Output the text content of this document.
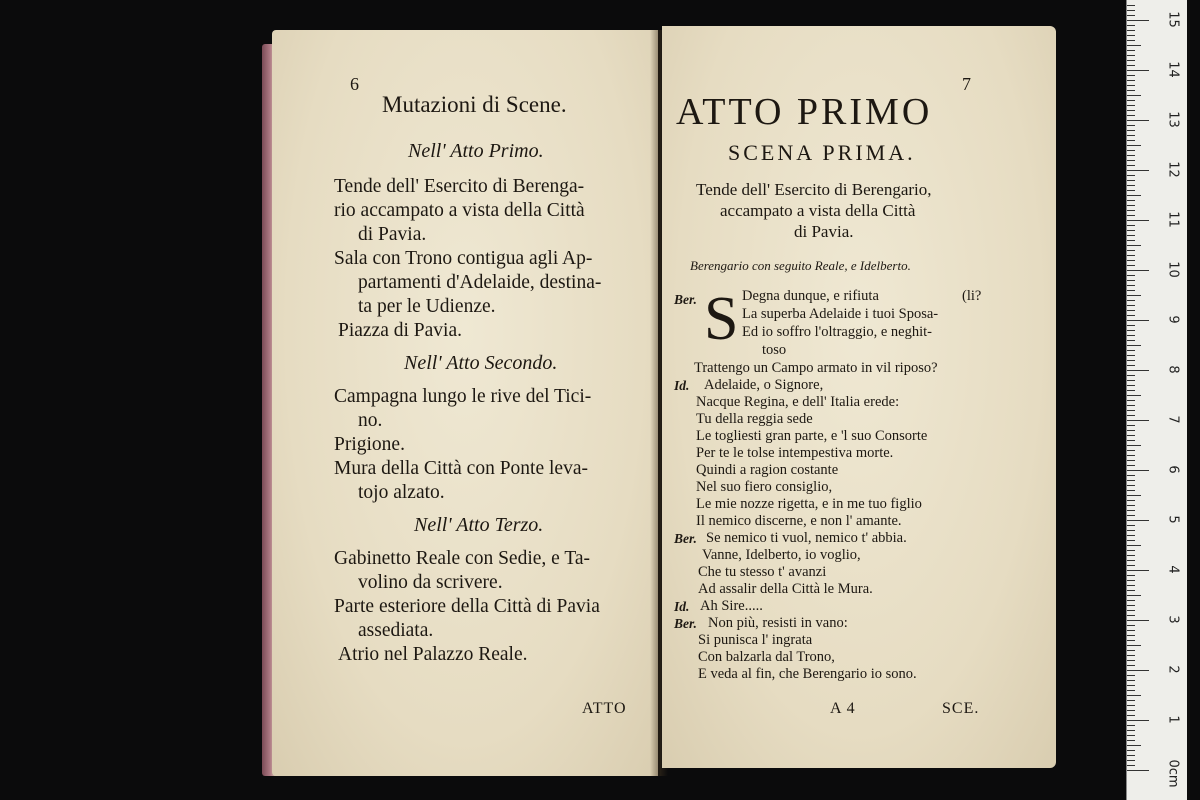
6
Mutazioni di Scene.
Nell' Atto Primo.
Tende dell' Esercito di Berenga-
rio accampato a vista della Città
di Pavia.
Sala con Trono contigua agli Ap-
partamenti d'Adelaide, destina-
ta per le Udienze.
Piazza di Pavia.
Nell' Atto Secondo.
Campagna lungo le rive del Tici-
no.
Prigione.
Mura della Città con Ponte leva-
tojo alzato.
Nell' Atto Terzo.
Gabinetto Reale con Sedie, e Ta-
volino da scrivere.
Parte esteriore della Città di Pavia
assediata.
Atrio nel Palazzo Reale.
ATTO
7
ATTO PRIMO
SCENA PRIMA.
Tende dell' Esercito di Berengario,
accampato a vista della Città
di Pavia.
Berengario con seguito Reale, e Idelberto.
Ber. S Degna dunque, e rifiuta	(li?
La superba Adelaide i tuoi Sposa-
Ed io soffro l'oltraggio, e neghit-
toso
Trattengo un Campo armato in vil riposo?
Id. Adelaide, o Signore,
Nacque Regina, e dell' Italia erede:
Tu della reggia sede
Le togliesti gran parte, e 'l suo Consorte
Per te le tolse intempestiva morte.
Quindi a ragion costante
Nel suo fiero consiglio,
Le mie nozze rigetta, e in me tuo figlio
Il nemico discerne, e non l' amante.
Ber. Se nemico ti vuol, nemico t' abbia.
Vanne, Idelberto, io voglio,
Che tu stesso t' avanzi
Ad assalir della Città le Mura.
Id. Ah Sire.....
Ber. Non più, resisti in vano:
Si punisca l' ingrata
Con balzarla dal Trono,
E veda al fin, che Berengario io sono.
A 4	SCE.
0cm
1
2
3
4
5
6
7
8
9
10
11
12
13
14
15
